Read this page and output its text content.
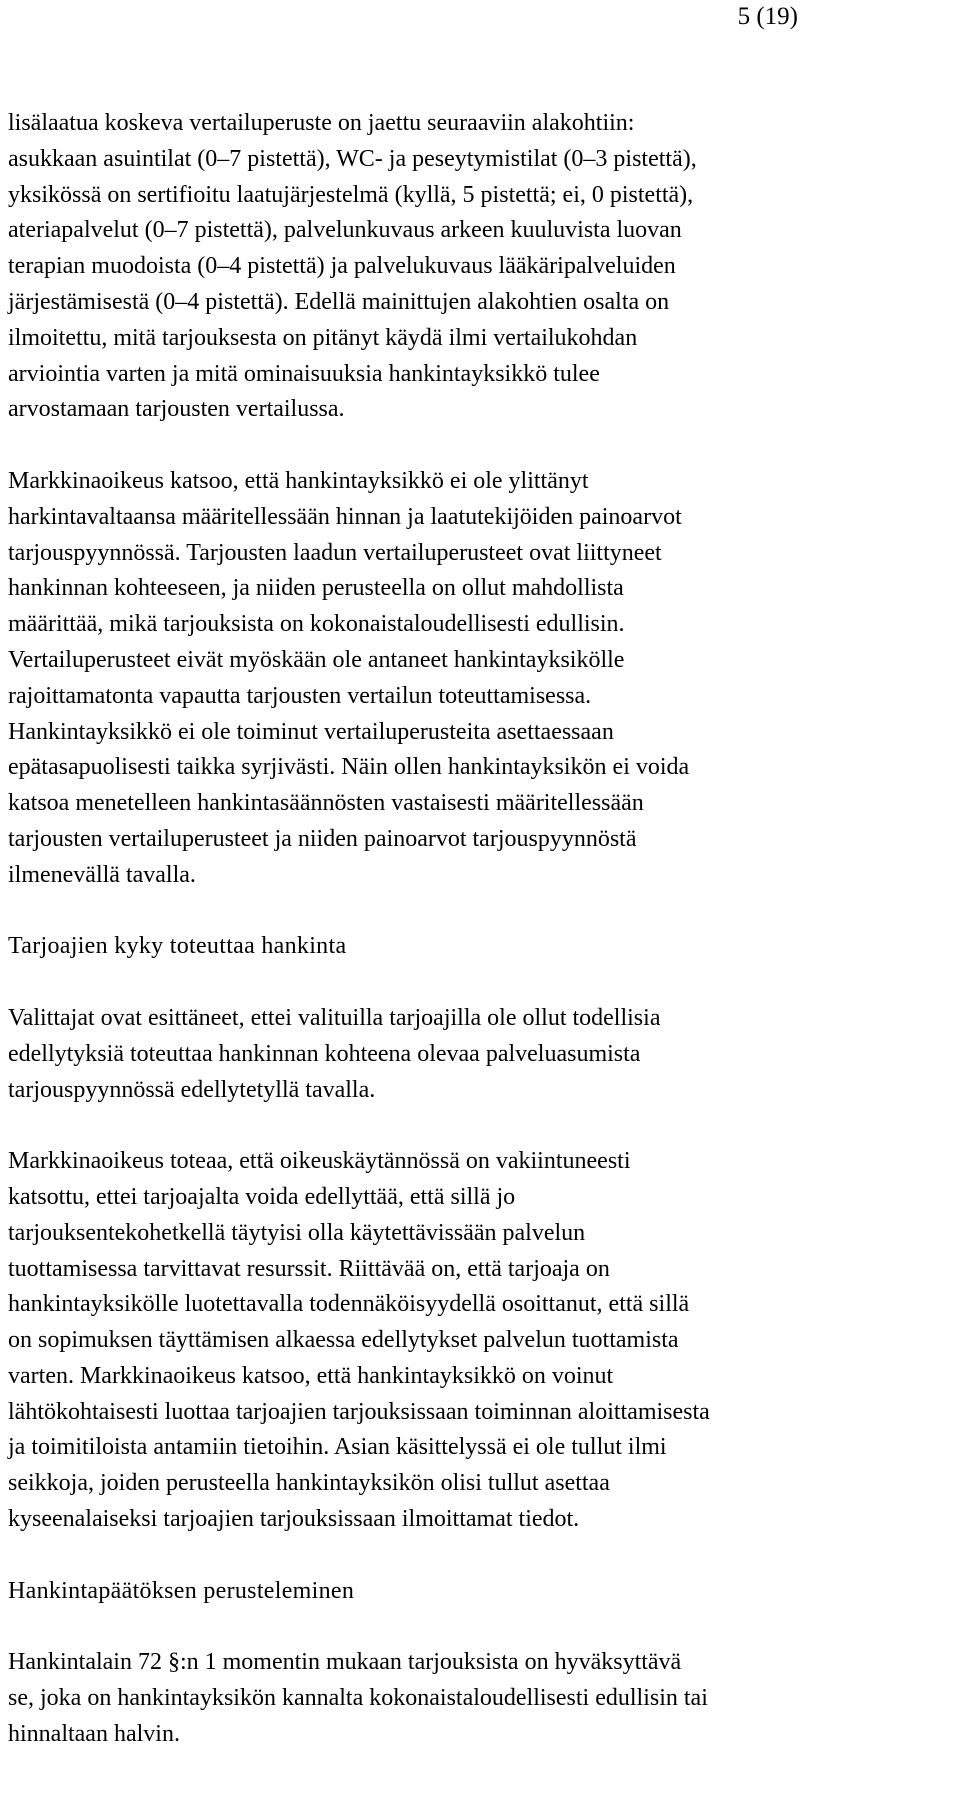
5 (19)

lisälaatua koskeva vertailuperuste on jaettu seuraaviin alakohtiin:
asukkaan asuintilat (0–7 pistettä), WC- ja peseytymistilat (0–3 pistettä),
yksikössä on sertifioitu laatujärjestelmä (kyllä, 5 pistettä; ei, 0 pistettä),
ateriapalvelut (0–7 pistettä), palvelunkuvaus arkeen kuuluvista luovan
terapian muodoista (0–4 pistettä) ja palvelukuvaus lääkäripalveluiden
järjestämisestä (0–4 pistettä). Edellä mainittujen alakohtien osalta on
ilmoitettu, mitä tarjouksesta on pitänyt käydä ilmi vertailukohdan
arviointia varten ja mitä ominaisuuksia hankintayksikkö tulee
arvostamaan tarjousten vertailussa.

Markkinaoikeus katsoo, että hankintayksikkö ei ole ylittänyt
harkintavaltaansa määritellessään hinnan ja laatutekijöiden painoarvot
tarjouspyynnössä. Tarjousten laadun vertailuperusteet ovat liittyneet
hankinnan kohteeseen, ja niiden perusteella on ollut mahdollista
määrittää, mikä tarjouksista on kokonaistaloudellisesti edullisin.
Vertailuperusteet eivät myöskään ole antaneet hankintayksikölle
rajoittamatonta vapautta tarjousten vertailun toteuttamisessa.
Hankintayksikkö ei ole toiminut vertailuperusteita asettaessaan
epätasapuolisesti taikka syrjivästi. Näin ollen hankintayksikön ei voida
katsoa menetelleen hankintasäännösten vastaisesti määritellessään
tarjousten vertailuperusteet ja niiden painoarvot tarjouspyynnöstä
ilmenevällä tavalla.

Tarjoajien kyky toteuttaa hankinta

Valittajat ovat esittäneet, ettei valituilla tarjoajilla ole ollut todellisia
edellytyksiä toteuttaa hankinnan kohteena olevaa palveluasumista
tarjouspyynnössä edellytetyllä tavalla.

Markkinaoikeus toteaa, että oikeuskäytännössä on vakiintuneesti
katsottu, ettei tarjoajalta voida edellyttää, että sillä jo
tarjouksentekohetkellä täytyisi olla käytettävissään palvelun
tuottamisessa tarvittavat resurssit. Riittävää on, että tarjoaja on
hankintayksikölle luotettavalla todennäköisyydellä osoittanut, että sillä
on sopimuksen täyttämisen alkaessa edellytykset palvelun tuottamista
varten. Markkinaoikeus katsoo, että hankintayksikkö on voinut
lähtökohtaisesti luottaa tarjoajien tarjouksissaan toiminnan aloittamisesta
ja toimitiloista antamiin tietoihin. Asian käsittelyssä ei ole tullut ilmi
seikkoja, joiden perusteella hankintayksikön olisi tullut asettaa
kyseenalaiseksi tarjoajien tarjouksissaan ilmoittamat tiedot.

Hankintapäätöksen perusteleminen

Hankintalain 72 §:n 1 momentin mukaan tarjouksista on hyväksyttävä
se, joka on hankintayksikön kannalta kokonaistaloudellisesti edullisin tai
hinnaltaan halvin.
